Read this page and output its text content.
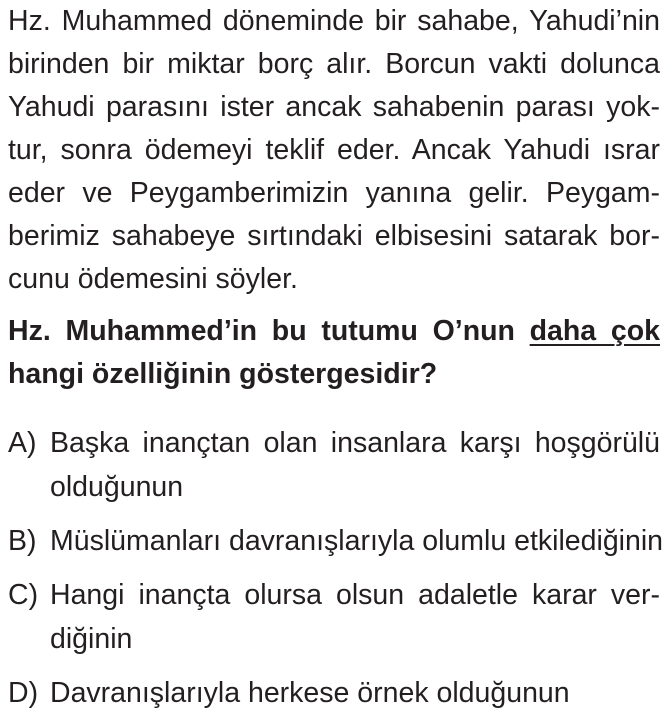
Hz. Muhammed döneminde bir sahabe, Yahudi’nin
birinden bir miktar borç alır. Borcun vakti dolunca
Yahudi parasını ister ancak sahabenin parası yok-
tur, sonra ödemeyi teklif eder. Ancak Yahudi ısrar
eder ve Peygamberimizin yanına gelir. Peygam-
berimiz sahabeye sırtındaki elbisesini satarak bor-
cunu ödemesini söyler.
Hz. Muhammed’in bu tutumu O’nun daha çok
hangi özelliğinin göstergesidir?
A) Başka inançtan olan insanlara karşı hoşgörülü
olduğunun
B) Müslümanları davranışlarıyla olumlu etkilediğinin
C) Hangi inançta olursa olsun adaletle karar ver-
diğinin
D) Davranışlarıyla herkese örnek olduğunun
